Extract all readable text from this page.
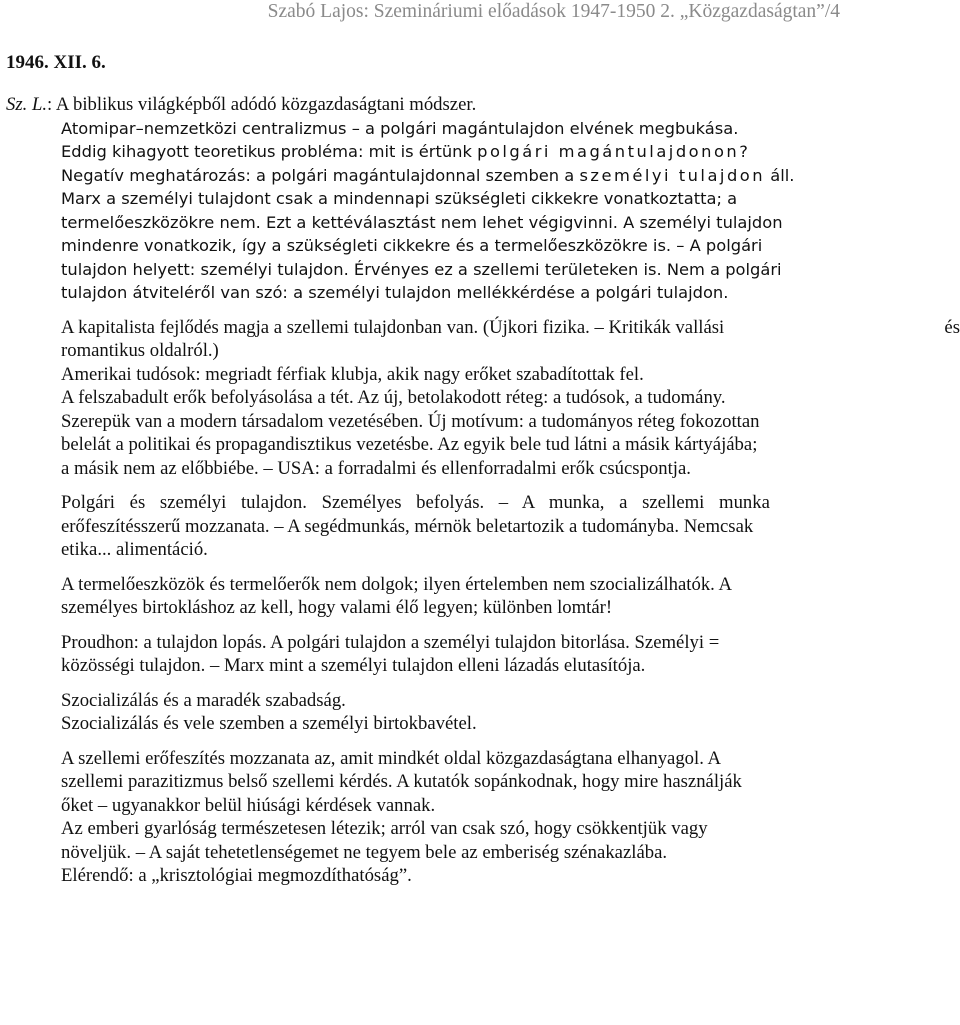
Szabó Lajos: Szemináriumi előadások 1947-1950 2. „Közgazdaságtan”/4
1946. XII. 6.
Sz. L.: A biblikus világképből adódó közgazdaságtani módszer.
Atomipar–nemzetközi centralizmus – a polgári magántulajdon elvének megbukása.
Eddig kihagyott teoretikus probléma: mit is értünk polgári magántulajdonon?
Negatív meghatározás: a polgári magántulajdonnal szemben a személyi tulajdon áll.
Marx a személyi tulajdont csak a mindennapi szükségleti cikkekre vonatkoztatta; a
termelőeszközökre nem. Ezt a kettéválasztást nem lehet végigvinni. A személyi tulajdon
mindenre vonatkozik, így a szükségleti cikkekre és a termelőeszközökre is. – A polgári
tulajdon helyett: személyi tulajdon. Érvényes ez a szellemi területeken is. Nem a polgári
tulajdon átviteléről van szó: a személyi tulajdon mellékkérdése a polgári tulajdon.
A kapitalista fejlődés magja a szellemi tulajdonban van. (Újkori fizika. – Kritikák vallási	és
romantikus oldalról.)
Amerikai tudósok: megriadt férfiak klubja, akik nagy erőket szabadítottak fel.
A felszabadult erők befolyásolása a tét. Az új, betolakodott réteg: a tudósok, a tudomány.
Szerepük van a modern társadalom vezetésében. Új motívum: a tudományos réteg fokozottan
belelát a politikai és propagandisztikus vezetésbe. Az egyik bele tud látni a másik kártyájába;
a másik nem az előbbiébe. – USA: a forradalmi és ellenforradalmi erők csúcspontja.
Polgári és személyi tulajdon. Személyes befolyás. – A munka, a szellemi munka
erőfeszítésszerű mozzanata. – A segédmunkás, mérnök beletartozik a tudományba. Nemcsak
etika... alimentáció.
A termelőeszközök és termelőerők nem dolgok; ilyen értelemben nem szocializálhatók. A
személyes birtokláshoz az kell, hogy valami élő legyen; különben lomtár!
Proudhon: a tulajdon lopás. A polgári tulajdon a személyi tulajdon bitorlása. Személyi =
közösségi tulajdon. – Marx mint a személyi tulajdon elleni lázadás elutasítója.
Szocializálás és a maradék szabadság.
Szocializálás és vele szemben a személyi birtokbavétel.
A szellemi erőfeszítés mozzanata az, amit mindkét oldal közgazdaságtana elhanyagol. A
szellemi parazitizmus belső szellemi kérdés. A kutatók sopánkodnak, hogy mire használják
őket – ugyanakkor belül hiúsági kérdések vannak.
Az emberi gyarlóság természetesen létezik; arról van csak szó, hogy csökkentjük vagy
növeljük. – A saját tehetetlenségemet ne tegyem bele az emberiség szénakazlába.
Elérendő: a „krisztológiai megmozdíthatóság”.
